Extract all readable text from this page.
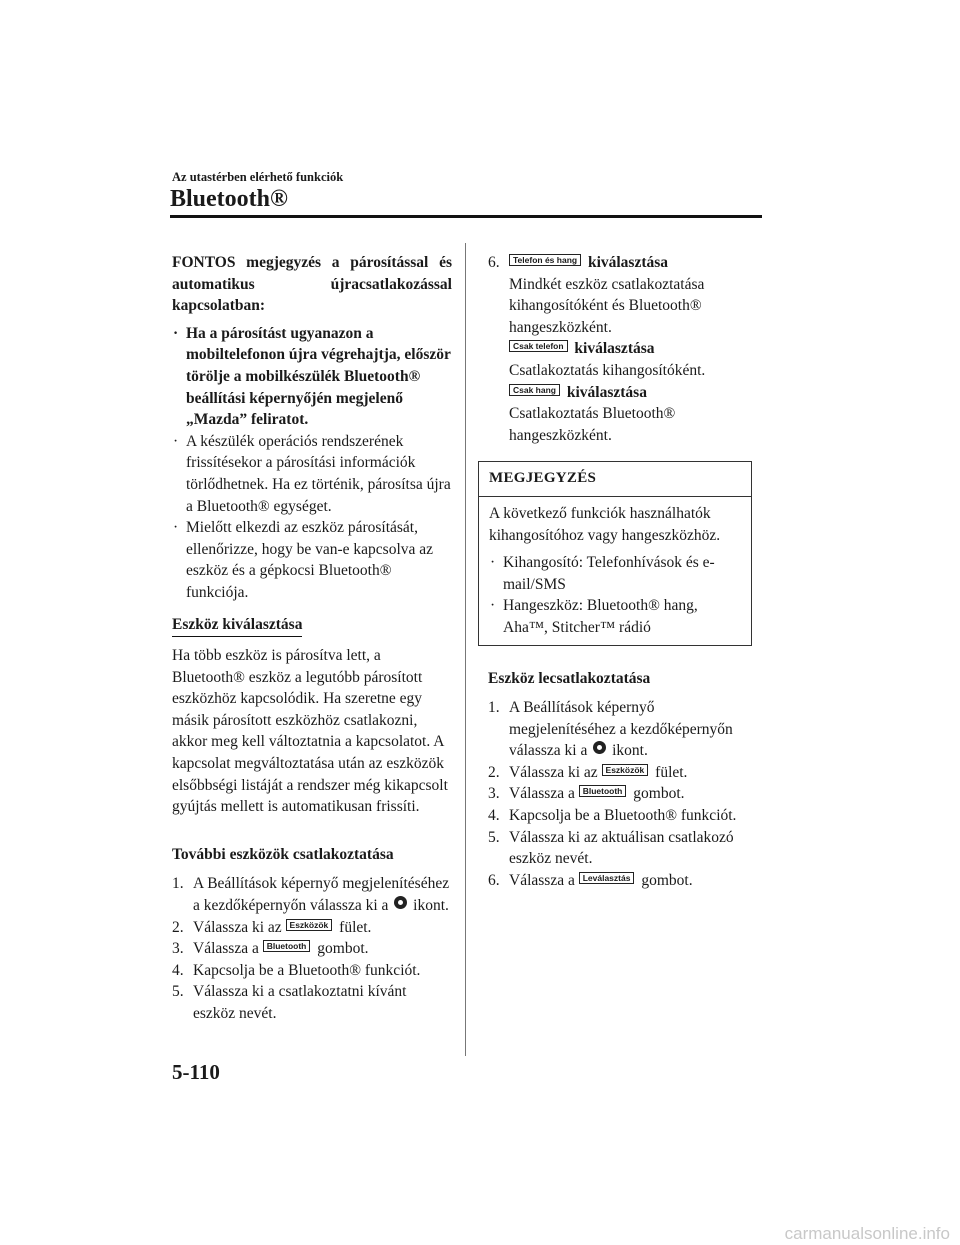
Az utastérben elérhető funkciók
Bluetooth®

FONTOS megjegyzés a párosítással és automatikus újracsatlakozással kapcsolatban:

· Ha a párosítást ugyanazon a mobiltelefonon újra végrehajtja, először törölje a mobilkészülék Bluetooth® beállítási képernyőjén megjelenő „Mazda” feliratot.
· A készülék operációs rendszerének frissítésekor a párosítási információk törlődhetnek. Ha ez történik, párosítsa újra a Bluetooth® egységet.
· Mielőtt elkezdi az eszköz párosítását, ellenőrizze, hogy be van-e kapcsolva az eszköz és a gépkocsi Bluetooth® funkciója.
Eszköz kiválasztása

Ha több eszköz is párosítva lett, a Bluetooth® eszköz a legutóbb párosított eszközhöz kapcsolódik. Ha szeretne egy másik párosított eszközhöz csatlakozni, akkor meg kell változtatnia a kapcsolatot. A kapcsolat megváltoztatása után az eszközök elsőbbségi listáját a rendszer még kikapcsolt gyújtás mellett is automatikusan frissíti.

További eszközök csatlakoztatása

1. A Beállítások képernyő megjelenítéséhez a kezdőképernyőn válassza ki a ikont.
2. Válassza ki az Eszközök fület.
3. Válassza a Bluetooth gombot.
4. Kapcsolja be a Bluetooth® funkciót.
5. Válassza ki a csatlakoztatni kívánt eszköz nevét.
6. Telefon és hang kiválasztása

Mindkét eszköz csatlakoztatása kihangosítóként és Bluetooth® hangeszközként.

Csak telefon kiválasztása

Csatlakoztatás kihangosítóként.

Csak hang kiválasztása

Csatlakoztatás Bluetooth® hangeszközként.

MEGJEGYZÉS

A következő funkciók használhatók kihangosítóhoz vagy hangeszközhöz.

· Kihangosító: Telefonhívások és e-mail/SMS
· Hangeszköz: Bluetooth® hang, Aha™, Stitcher™ rádió

Eszköz lecsatlakoztatása

1. A Beállítások képernyő megjelenítéséhez a kezdőképernyőn válassza ki a ikont.
2. Válassza ki az Eszközök fület.
3. Válassza a Bluetooth gombot.
4. Kapcsolja be a Bluetooth® funkciót.
5. Válassza ki az aktuálisan csatlakozó eszköz nevét.
6. Válassza a Leválasztás gombot.
5-110
carmanualsonline.info
